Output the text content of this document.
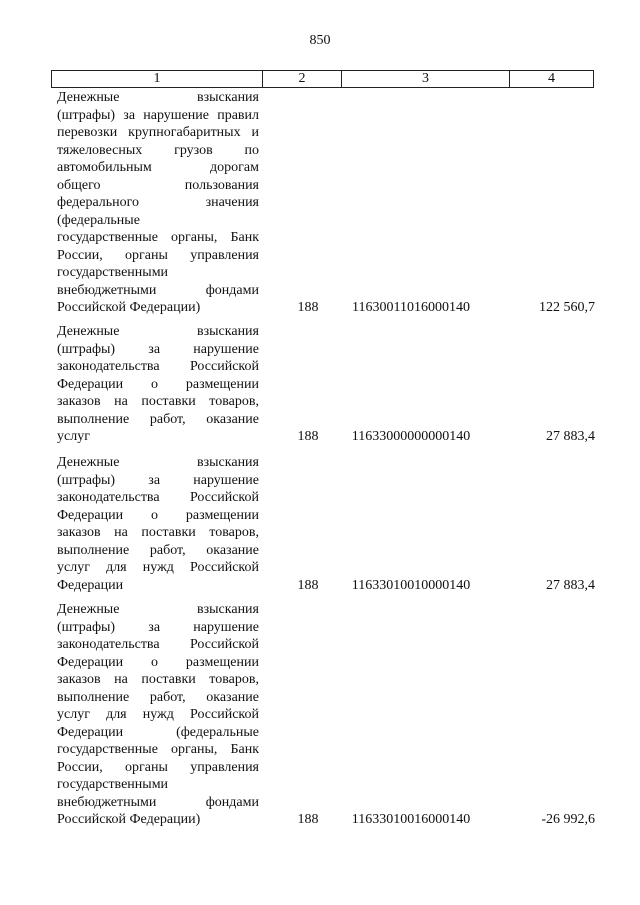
850
1	2	3	4
Денежные взыскания
(штрафы) за нарушение правил
перевозки крупногабаритных и
тяжеловесных грузов по
автомобильным дорогам
общего пользования
федерального значения
(федеральные
государственные органы, Банк
России, органы управления
государственными
внебюджетными фондами
Российской Федерации)	188	11630011016000140	122 560,7
Денежные взыскания
(штрафы) за нарушение
законодательства Российской
Федерации о размещении
заказов на поставки товаров,
выполнение работ, оказание
услуг	188	11633000000000140	27 883,4
Денежные взыскания
(штрафы) за нарушение
законодательства Российской
Федерации о размещении
заказов на поставки товаров,
выполнение работ, оказание
услуг для нужд Российской
Федерации	188	11633010010000140	27 883,4
Денежные взыскания
(штрафы) за нарушение
законодательства Российской
Федерации о размещении
заказов на поставки товаров,
выполнение работ, оказание
услуг для нужд Российской
Федерации (федеральные
государственные органы, Банк
России, органы управления
государственными
внебюджетными фондами
Российской Федерации)	188	11633010016000140	-26 992,6
